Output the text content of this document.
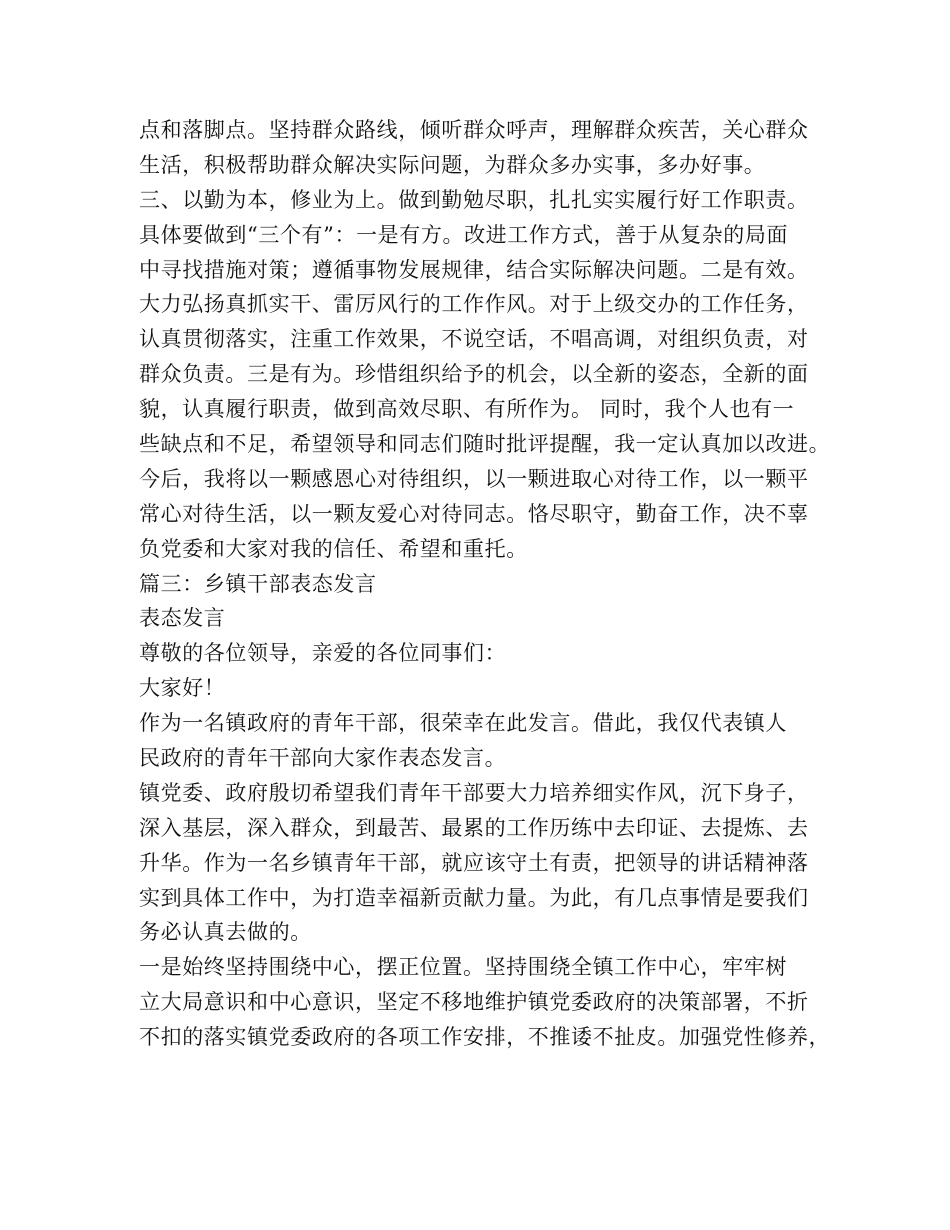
点和落脚点。坚持群众路线，倾听群众呼声，理解群众疾苦，关心群众
生活，积极帮助群众解决实际问题，为群众多办实事，多办好事。
三、以勤为本，修业为上。做到勤勉尽职，扎扎实实履行好工作职责。
具体要做到“三个有”：一是有方。改进工作方式，善于从复杂的局面
中寻找措施对策；遵循事物发展规律，结合实际解决问题。二是有效。
大力弘扬真抓实干、雷厉风行的工作作风。对于上级交办的工作任务，
认真贯彻落实，注重工作效果，不说空话，不唱高调，对组织负责，对
群众负责。三是有为。珍惜组织给予的机会，以全新的姿态，全新的面
貌，认真履行职责，做到高效尽职、有所作为。 同时，我个人也有一
些缺点和不足，希望领导和同志们随时批评提醒，我一定认真加以改进。
今后，我将以一颗感恩心对待组织，以一颗进取心对待工作，以一颗平
常心对待生活，以一颗友爱心对待同志。恪尽职守，勤奋工作，决不辜
负党委和大家对我的信任、希望和重托。
篇三：乡镇干部表态发言
表态发言
尊敬的各位领导，亲爱的各位同事们：
大家好！
作为一名镇政府的青年干部，很荣幸在此发言。借此，我仅代表镇人
民政府的青年干部向大家作表态发言。
镇党委、政府殷切希望我们青年干部要大力培养细实作风，沉下身子，
深入基层，深入群众，到最苦、最累的工作历练中去印证、去提炼、去
升华。作为一名乡镇青年干部，就应该守土有责，把领导的讲话精神落
实到具体工作中，为打造幸福新贡献力量。为此，有几点事情是要我们
务必认真去做的。
一是始终坚持围绕中心，摆正位置。坚持围绕全镇工作中心，牢牢树
立大局意识和中心意识，坚定不移地维护镇党委政府的决策部署，不折
不扣的落实镇党委政府的各项工作安排，不推诿不扯皮。加强党性修养，
